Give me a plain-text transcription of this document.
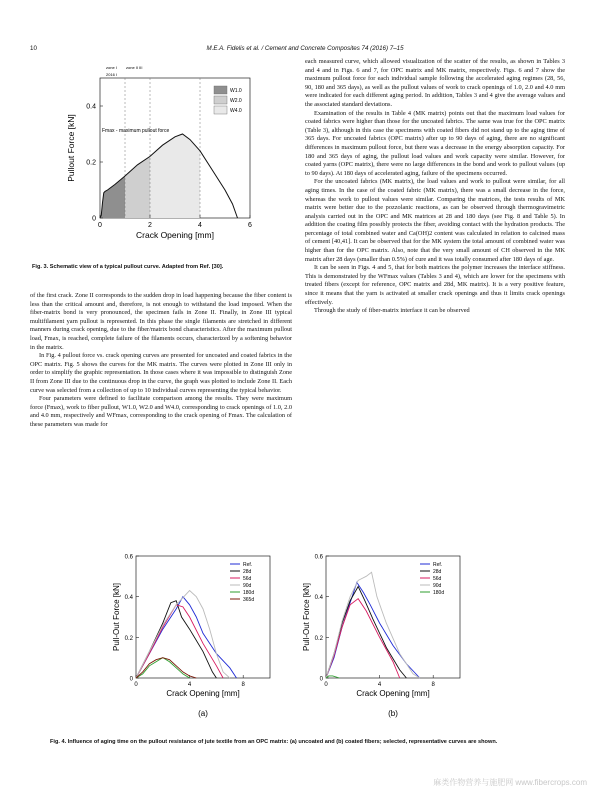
10	M.E.A. Fidelis et al. / Cement and Concrete Composites 74 (2016) 7–15
0
0.2
0.4
0	2	4	6
Crack Opening [mm]
Pullout Force [kN]
zone I
2016 I
zone II III
Fmax - maximum pullout force
W1.0
W2.0
W4.0
Fig. 3. Schematic view of a typical pullout curve. Adapted from Ref. [30].

of the first crack. Zone II corresponds to the sudden drop in load happening because the fiber content is less than the critical amount and, therefore, is not enough to withstand the load imposed. When the fiber-matrix bond is very pronounced, the specimen fails in Zone II. Finally, in Zone III typical multifilament yarn pullout is represented. In this phase the single filaments are stretched in different manners during crack opening, due to the fiber/matrix bond characteristics. After the maximum pullout load, Fmax, is reached, complete failure of the filaments occurs, characterized by a softening behavior in the matrix.

In Fig. 4 pullout force vs. crack opening curves are presented for uncoated and coated fabrics in the OPC matrix. Fig. 5 shows the curves for the MK matrix. The curves were plotted in Zone III only in order to simplify the graphic representation. In those cases where it was impossible to distinguish Zone II from Zone III due to the continuous drop in the curve, the graph was plotted to include Zone II. Each curve was selected from a collection of up to 10 individual curves representing the typical behavior.

Four parameters were defined to facilitate comparison among the results. They were maximum force (Fmax), work to fiber pullout, W1.0, W2.0 and W4.0, corresponding to crack openings of 1.0, 2.0 and 4.0 mm, respectively and WFmax, corresponding to the crack opening of Fmax. The calculation of these parameters was made for

each measured curve, which allowed visualization of the scatter of the results, as shown in Tables 3 and 4 and in Figs. 6 and 7, for OPC matrix and MK matrix, respectively. Figs. 6 and 7 show the maximum pullout force for each individual sample following the accelerated aging regimes (28, 56, 90, 180 and 365 days), as well as the pullout values of work to crack openings of 1.0, 2.0 and 4.0 mm were indicated for each different aging period. In addition, Tables 3 and 4 give the average values and the associated standard deviations.

Examination of the results in Table 4 (MK matrix) points out that the maximum load values for coated fabrics were higher than those for the uncoated fabrics. The same was true for the OPC matrix (Table 3), although in this case the specimens with coated fibers did not stand up to the aging time of 365 days. For uncoated fabrics (OPC matrix) after up to 90 days of aging, there are no significant differences in maximum pullout force, but there was a decrease in the energy absorption capacity. For 180 and 365 days of aging, the pullout load values and work capacity were similar. However, for coated yarns (OPC matrix), there were no large differences in the bond and work to pullout values (up to 90 days). At 180 days of accelerated aging, failure of the specimens occurred.

For the uncoated fabrics (MK matrix), the load values and work to pullout were similar, for all aging times. In the case of the coated fabric (MK matrix), there was a small decrease in the force, whereas the work to pullout values were similar. Comparing the matrices, the tests results of MK matrix were better due to the pozzolanic reactions, as can be observed through thermogravimetric analysis carried out in the OPC and MK matrices at 28 and 180 days (see Fig. 8 and Table 5). In addition the coating film possibly protects the fiber, avoiding contact with the hydration products. The percentage of total combined water and Ca(OH)2 content was calculated in relation to calcined mass of cement [40,41]. It can be observed that for the MK system the total amount of combined water was higher than for the OPC matrix. Also, note that the very small amount of CH observed in the MK matrix after 28 days (smaller than 0.5%) of cure and it was totally consumed after 180 days of age.

It can be seen in Figs. 4 and 5, that for both matrices the polymer increases the interface stiffness. This is demonstrated by the WFmax values (Tables 3 and 4), which are lower for the specimens with treated fibers (except for reference, OPC matrix and 28d, MK matrix). It is a very positive feature, since it means that the yarn is activated at smaller crack openings and thus it limits crack openings effectively.

Through the study of fiber-matrix interface it can be observed

0
0.2
0.4
0.6
0	4	8
Crack Opening [mm]
Pull-Out Force [kN]
Ref.
28d
56d
90d
180d
365d
(a)
0
0.2
0.4
0.6
0	4	8
Crack Opening [mm]
Pull-Out Force [kN]
Ref.
28d
56d
90d
180d
(b)
Fig. 4. Influence of aging time on the pullout resistance of jute textile from an OPC matrix: (a) uncoated and (b) coated fibers; selected, representative curves are shown.
麻类作物营养与施肥网 www.fibercrops.com
